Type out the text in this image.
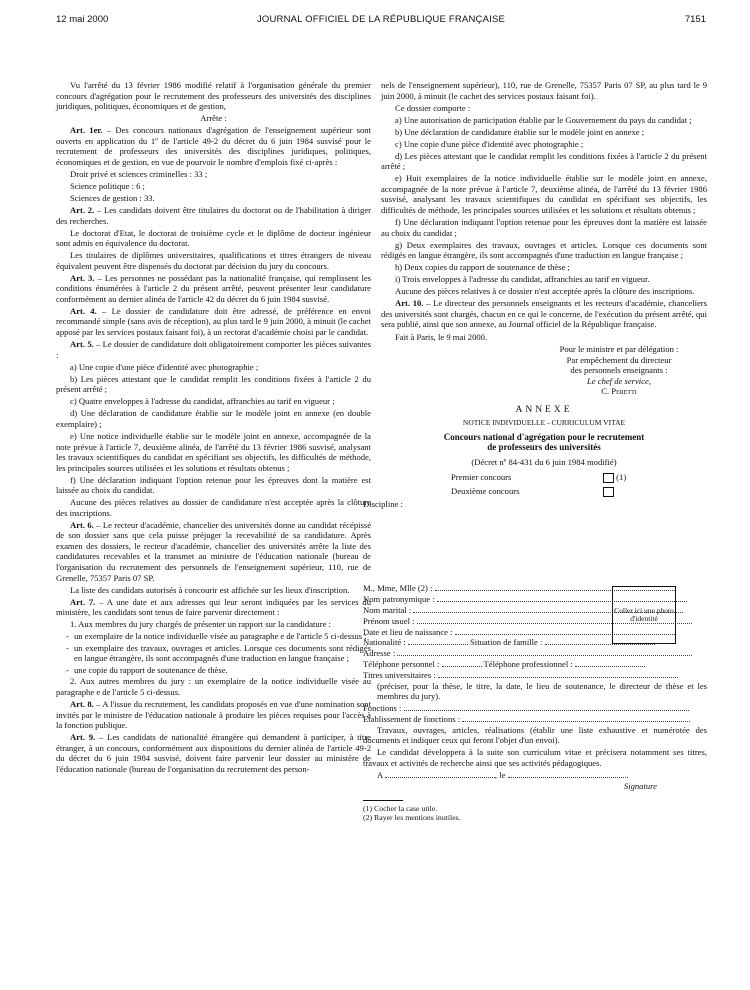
12 mai 2000	JOURNAL OFFICIEL DE LA RÉPUBLIQUE FRANÇAISE	7151

Vu l'arrêté du 13 février 1986 modifié relatif à l'organisation générale du premier concours d'agrégation pour le recrutement des professeurs des universités des disciplines juridiques, politiques, économiques et de gestion,

Arrête :

Art. 1er. – Des concours nationaux d'agrégation de l'enseignement supérieur sont ouverts en application du 1º de l'article 49-2 du décret du 6 juin 1984 susvisé pour le recrutement de professeurs des universités des disciplines juridiques, politiques, économiques et de gestion, en vue de pourvoir le nombre d'emplois fixé ci-après :

Droit privé et sciences criminelles : 33 ;

Science politique : 6 ;

Sciences de gestion : 33.

Art. 2. – Les candidats doivent être titulaires du doctorat ou de l'habilitation à diriger des recherches.

Le doctorat d'Etat, le doctorat de troisième cycle et le diplôme de docteur ingénieur sont admis en équivalence du doctorat.

Les titulaires de diplômes universitaires, qualifications et titres étrangers de niveau équivalent peuvent être dispensés du doctorat par décision du jury du concours.

Art. 3. – Les personnes ne possédant pas la nationalité française, qui remplissent les conditions énumérées à l'article 2 du présent arrêté, peuvent présenter leur candidature conformément au dernier alinéa de l'article 42 du décret du 6 juin 1984 susvisé.

Art. 4. – Le dossier de candidature doit être adressé, de préférence en envoi recommandé simple (sans avis de réception), au plus tard le 9 juin 2000, à minuit (le cachet apposé par les services postaux faisant foi), à un rectorat d'académie choisi par le candidat.

Art. 5. – Le dossier de candidature doit obligatoirement comporter les pièces suivantes :

a) Une copie d'une pièce d'identité avec photographie ;

b) Les pièces attestant que le candidat remplit les conditions fixées à l'article 2 du présent arrêté ;

c) Quatre enveloppes à l'adresse du candidat, affranchies au tarif en vigueur ;

d) Une déclaration de candidature établie sur le modèle joint en annexe (en double exemplaire) ;

e) Une notice individuelle établie sur le modèle joint en annexe, accompagnée de la note prévue à l'article 7, deuxième alinéa, de l'arrêté du 13 février 1986 susvisé, analysant les travaux scientifiques du candidat en spécifiant ses objectifs, les difficultés de méthode, les principales sources utilisées et les solutions et résultats obtenus ;

f) Une déclaration indiquant l'option retenue pour les épreuves dont la matière est laissée au choix du candidat.

Aucune des pièces relatives au dossier de candidature n'est acceptée après la clôture des inscriptions.

Art. 6. – Le recteur d'académie, chancelier des universités donne au candidat récépissé de son dossier sans que cela puisse préjuger la recevabilité de sa candidature. Après examen des dossiers, le recteur d'académie, chancelier des universités arrête la liste des candidatures recevables et la transmet au ministre de l'éducation nationale (bureau de l'organisation du recrutement des personnels de l'enseignement supérieur, 110, rue de Grenelle, 75357 Paris 07 SP.

La liste des candidats autorisés à concourir est affichée sur les lieux d'inscription.

Art. 7. – A une date et aux adresses qui leur seront indiquées par les services du ministère, les candidats sont tenus de faire parvenir directement :

1. Aux membres du jury chargés de présenter un rapport sur la candidature :

- un exemplaire de la notice individuelle visée au paragraphe e de l'article 5 ci-dessus ;
- un exemplaire des travaux, ouvrages et articles. Lorsque ces documents sont rédigés en langue étrangère, ils sont accompagnés d'une traduction en langue française ;
- une copie du rapport de soutenance de thèse.

2. Aux autres membres du jury : un exemplaire de la notice individuelle visée au paragraphe e de l'article 5 ci-dessus.

Art. 8. – A l'issue du recrutement, les candidats proposés en vue d'une nomination sont invités par le ministre de l'éducation nationale à produire les pièces requises pour l'accès à la fonction publique.

Art. 9. – Les candidats de nationalité étrangère qui demandent à participer, à titre étranger, à un concours, conformément aux dispositions du dernier alinéa de l'article 49-2 du décret du 6 juin 1984 susvisé, doivent faire parvenir leur dossier au ministère de l'éducation nationale (bureau de l'organisation du recrutement des person-

nels de l'enseignement supérieur), 110, rue de Grenelle, 75357 Paris 07 SP, au plus tard le 9 juin 2000, à minuit (le cachet des services postaux faisant foi).

Ce dossier comporte :

a) Une autorisation de participation établie par le Gouvernement du pays du candidat ;

b) Une déclaration de candidature établie sur le modèle joint en annexe ;

c) Une copie d'une pièce d'identité avec photographie ;

d) Les pièces attestant que le candidat remplit les conditions fixées à l'article 2 du présent arrêté ;

e) Huit exemplaires de la notice individuelle établie sur le modèle joint en annexe, accompagnée de la note prévue à l'article 7, deuxième alinéa, de l'arrêté du 13 février 1986 susvisé, analysant les travaux scientifiques du candidat en spécifiant ses objectifs, les difficultés de méthode, les principales sources utilisées et les solutions et résultats obtenus ;

f) Une déclaration indiquant l'option retenue pour les épreuves dont la matière est laissée au choix du candidat ;

g) Deux exemplaires des travaux, ouvrages et articles. Lorsque ces documents sont rédigés en langue étrangère, ils sont accompagnés d'une traduction en langue française ;

h) Deux copies du rapport de soutenance de thèse ;

i) Trois enveloppes à l'adresse du candidat, affranchies au tarif en vigueur.

Aucune des pièces relatives à ce dossier n'est acceptée après la clôture des inscriptions.

Art. 10. – Le directeur des personnels enseignants et les recteurs d'académie, chanceliers des universités sont chargés, chacun en ce qui le concerne, de l'exécution du présent arrêté, qui sera publié, ainsi que son annexe, au Journal officiel de la République française.

Fait à Paris, le 9 mai 2000.

Pour le ministre et par délégation :
Par empêchement du directeur
des personnels enseignants :
Le chef de service,
C. Peretti
ANNEXE
NOTICE INDIVIDUELLE - CURRICULUM VITAE
Concours national d'agrégation pour le recrutement
de professeurs des universités
(Décret nº 84-431 du 6 juin 1984 modifié)
Premier concours	(1)
Deuxième concours
Discipline :
M., Mme, Mlle (2) :
Nom patronymique :
Nom marital :
Prénom usuel :
Date et lieu de naissance :
Nationalité :	Situation de famille :
Adresse :
Téléphone personnel :	Téléphone professionnel :
Titres universitaires :
(préciser, pour la thèse, le titre, la date, le lieu de soutenance, le directeur de thèse et les membres du jury).
Fonctions :
Etablissement de fonctions :

Travaux, ouvrages, articles, réalisations (établir une liste exhaustive et numérotée des documents et indiquer ceux qui feront l'objet d'un envoi).

Le candidat développera à la suite son curriculum vitae et précisera notamment ses titres, travaux et activités de recherche ainsi que ses activités pédagogiques.

A	, le
Signature
(1) Cocher la case utile.
(2) Rayer les mentions inutiles.
Coller ici une photo d'identité
